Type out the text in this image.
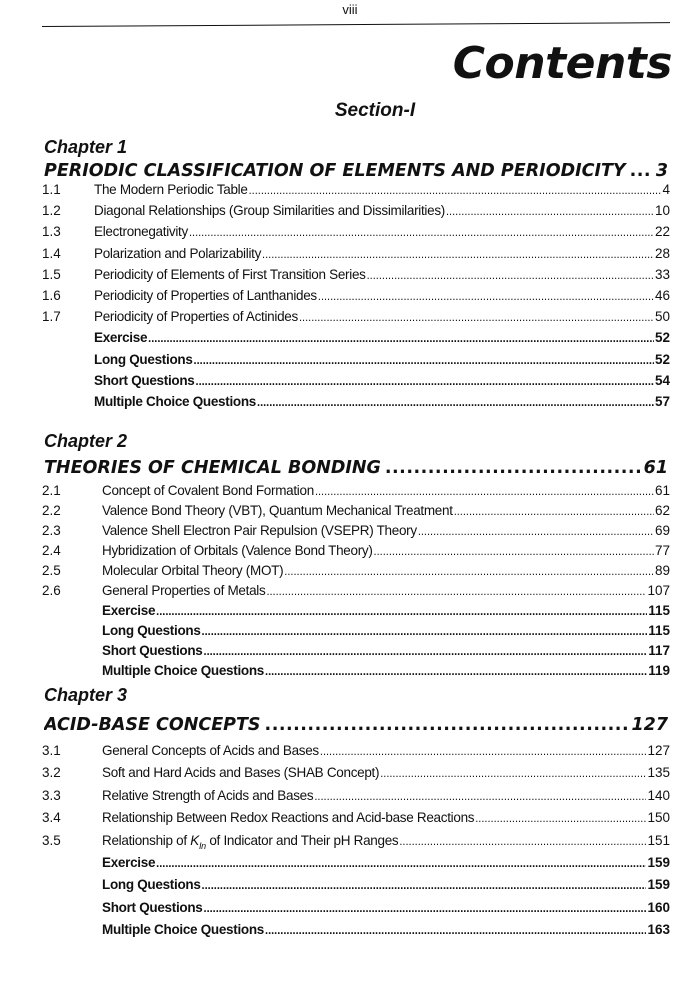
viii
Contents
Section-I
Chapter 1
PERIODIC CLASSIFICATION OF ELEMENTS AND PERIODICITY ..... 3
1.1	The Modern Periodic Table .....	4
1.2	Diagonal Relationships (Group Similarities and Dissimilarities) .....	10
1.3	Electronegativity .....	22
1.4	Polarization and Polarizability .....	28
1.5	Periodicity of Elements of First Transition Series .....	33
1.6	Periodicity of Properties of Lanthanides .....	46
1.7	Periodicity of Properties of Actinides .....	50
Exercise .....	52
Long Questions .....	52
Short Questions .....	54
Multiple Choice Questions .....	57
Chapter 2
THEORIES OF CHEMICAL BONDING .....	61
2.1	Concept of Covalent Bond Formation .....	61
2.2	Valence Bond Theory (VBT), Quantum Mechanical Treatment .....	62
2.3	Valence Shell Electron Pair Repulsion (VSEPR) Theory .....	69
2.4	Hybridization of Orbitals (Valence Bond Theory) .....	77
2.5	Molecular Orbital Theory (MOT) .....	89
2.6	General Properties of Metals .....	107
Exercise .....	115
Long Questions .....	115
Short Questions .....	117
Multiple Choice Questions .....	119
Chapter 3
ACID-BASE CONCEPTS .....	127
3.1	General Concepts of Acids and Bases .....	127
3.2	Soft and Hard Acids and Bases (SHAB Concept) .....	135
3.3	Relative Strength of Acids and Bases .....	140
3.4	Relationship Between Redox Reactions and Acid-base Reactions .....	150
3.5	Relationship of $K_{In}$ of Indicator and Their pH Ranges .....	151
Exercise .....	159
Long Questions .....	159
Short Questions .....	160
Multiple Choice Questions .....	163
